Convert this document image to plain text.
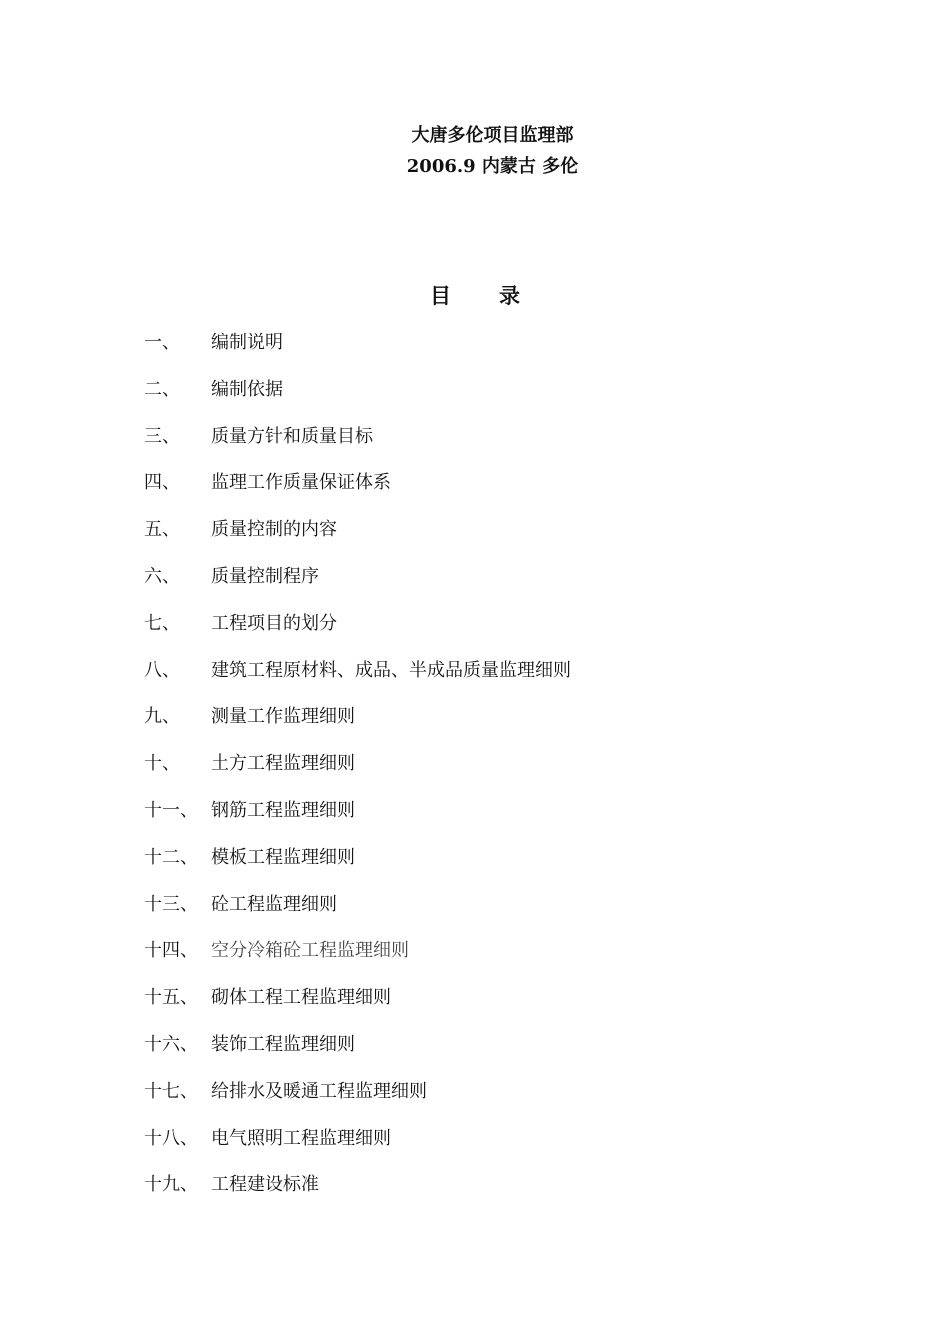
大唐多伦项目监理部
2006.9 内蒙古 多伦
目 录
一、	编制说明
二、	编制依据
三、	质量方针和质量目标
四、	监理工作质量保证体系
五、	质量控制的内容
六、	质量控制程序
七、	工程项目的划分
八、	建筑工程原材料、成品、半成品质量监理细则
九、	测量工作监理细则
十、	土方工程监理细则
十一、 钢筋工程监理细则
十二、 模板工程监理细则
十三、 砼工程监理细则
十四、 空分冷箱砼工程监理细则
十五、 砌体工程工程监理细则
十六、 装饰工程监理细则
十七、 给排水及暖通工程监理细则
十八、 电气照明工程监理细则
十九、 工程建设标准
